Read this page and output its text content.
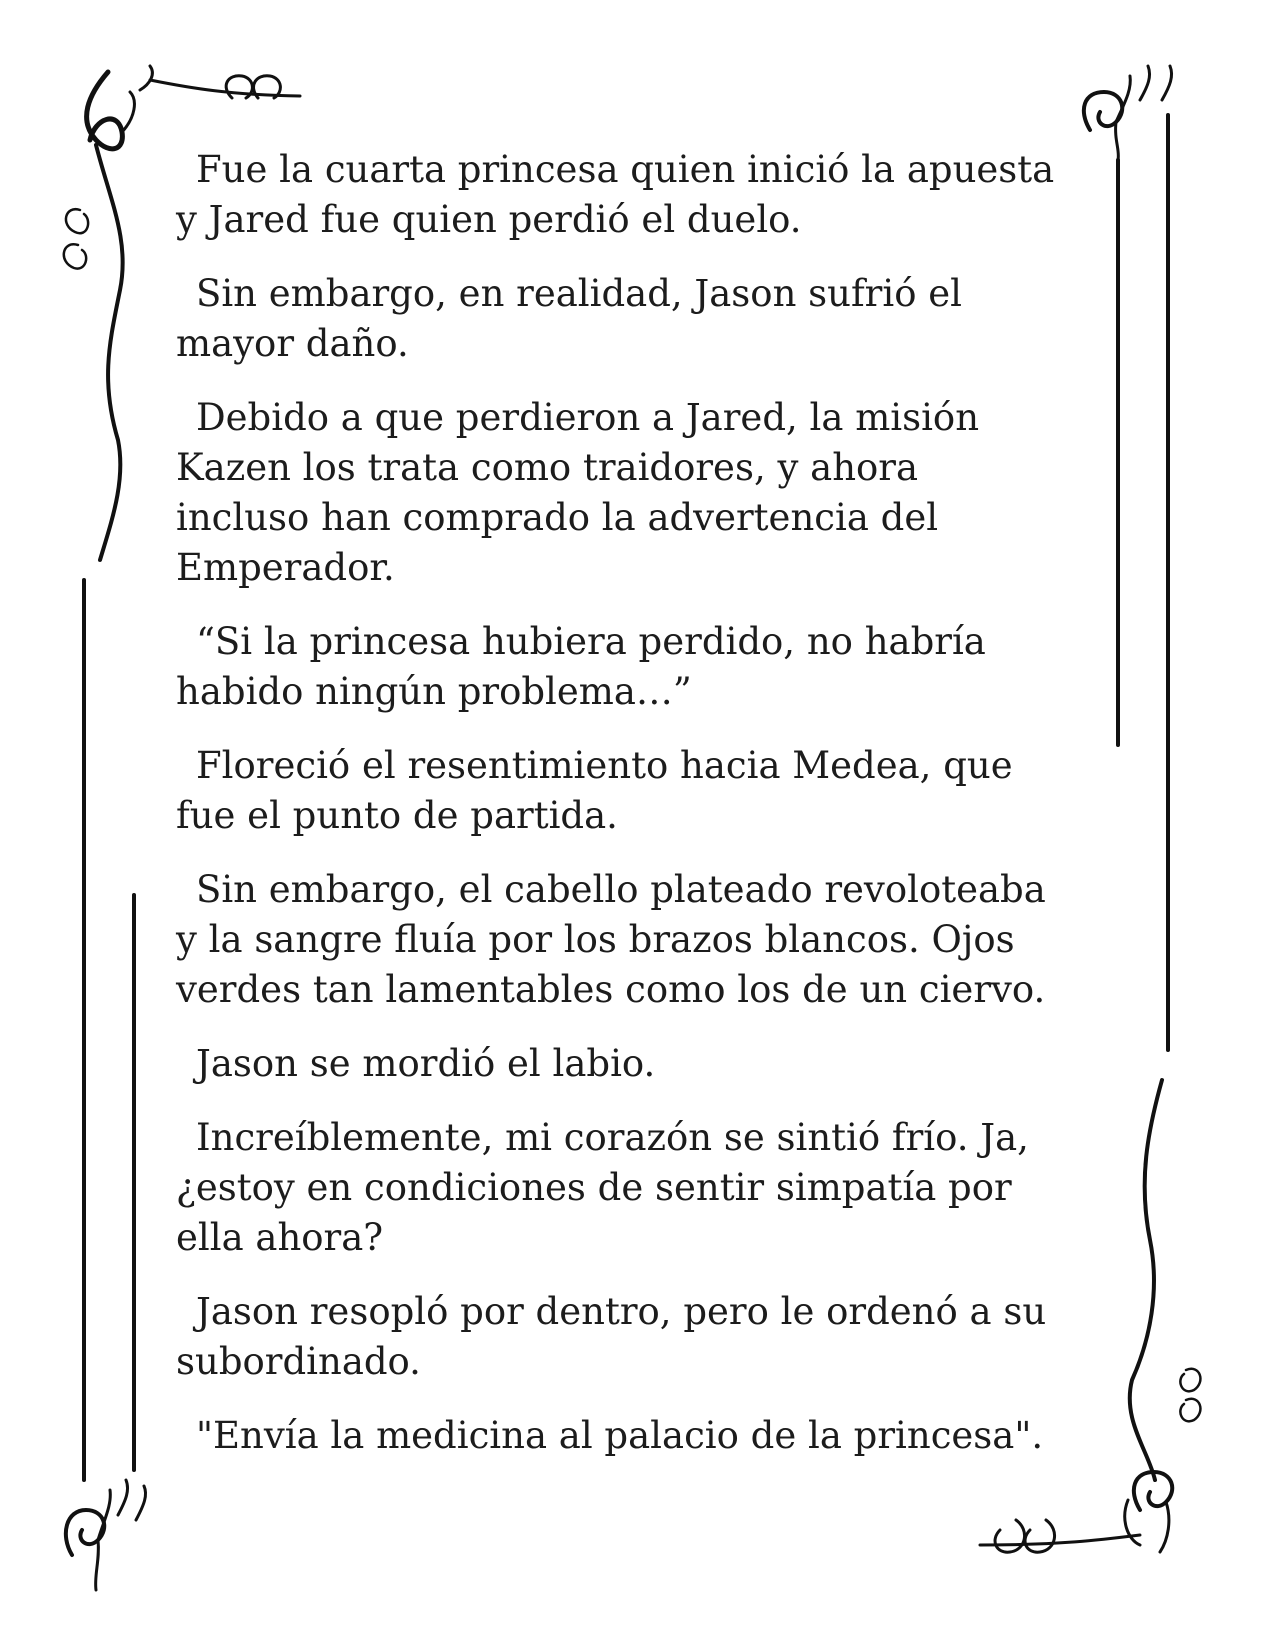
Fue la cuarta princesa quien inició la apuesta
y Jared fue quien perdió el duelo.

Sin embargo, en realidad, Jason sufrió el
mayor daño.

Debido a que perdieron a Jared, la misión
Kazen los trata como traidores, y ahora
incluso han comprado la advertencia del
Emperador.

“Si la princesa hubiera perdido, no habría
habido ningún problema…”

Floreció el resentimiento hacia Medea, que
fue el punto de partida.

Sin embargo, el cabello plateado revoloteaba
y la sangre fluía por los brazos blancos. Ojos
verdes tan lamentables como los de un ciervo.

Jason se mordió el labio.

Increíblemente, mi corazón se sintió frío. Ja,
¿estoy en condiciones de sentir simpatía por
ella ahora?

Jason resopló por dentro, pero le ordenó a su
subordinado.

"Envía la medicina al palacio de la princesa".
